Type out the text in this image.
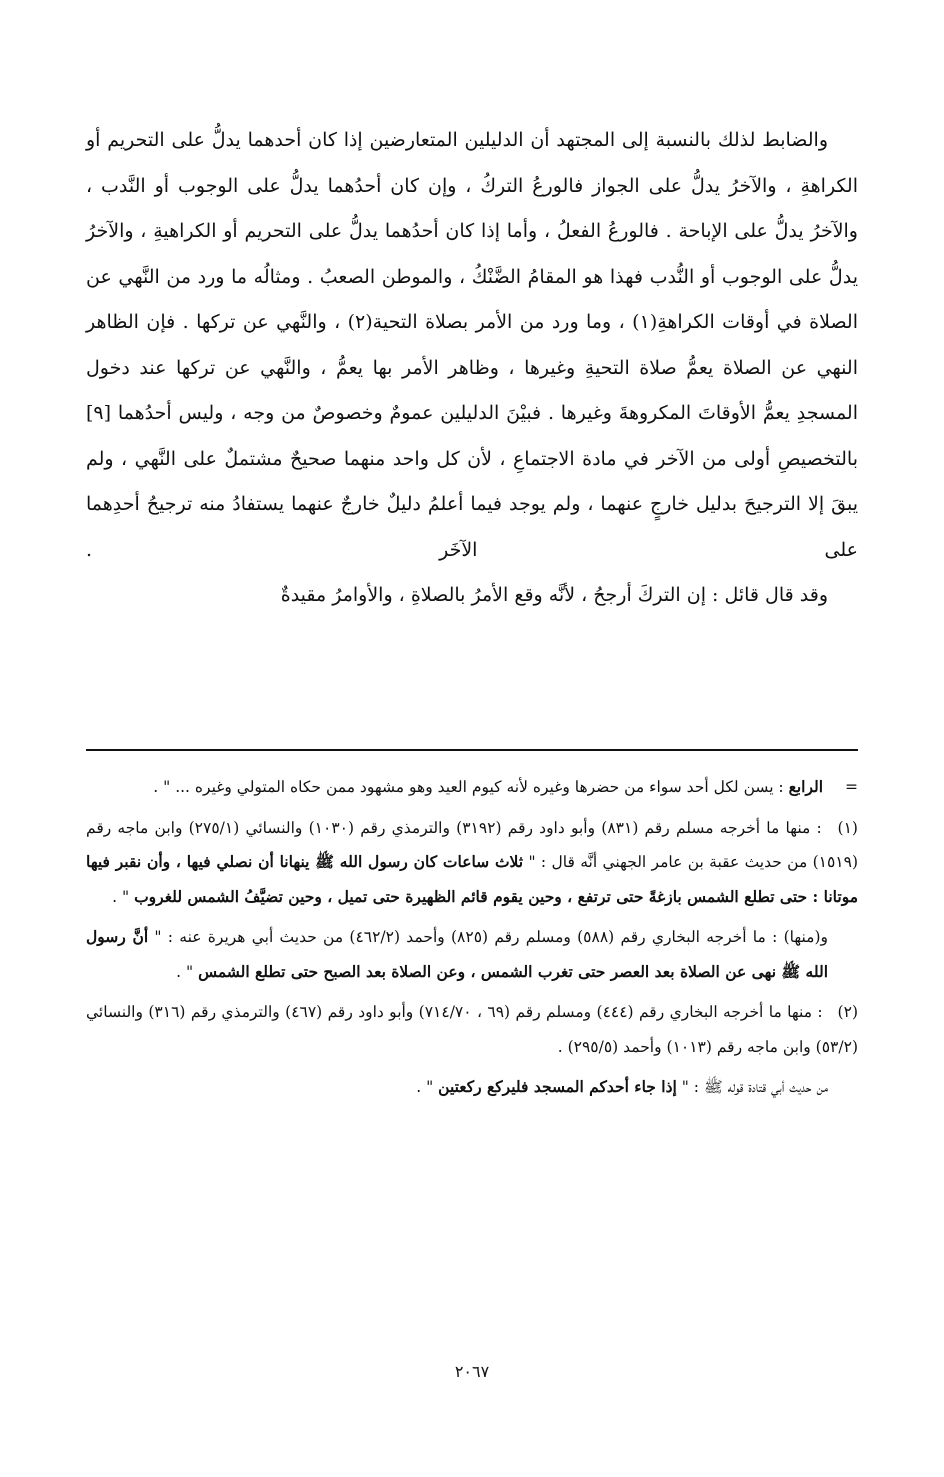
والضابط لذلك بالنسبة إلى المجتهد أن الدليلين المتعارضين إذا كان أحدهما يدلُّ على التحريم أو الكراهةِ ، والآخرُ يدلُّ على الجواز فالورعُ التركُ ، وإن كان أحدُهما يدلُّ على الوجوب أو النَّدب ، والآخرُ يدلُّ على الإباحة . فالورعُ الفعلُ ، وأما إذا كان أحدُهما يدلُّ على التحريم أو الكراهيةِ ، والآخرُ يدلُّ على الوجوب أو النُّدب فهذا هو المقامُ الضَّنْكُ ، والموطن الصعبُ . ومثالُه ما ورد من النَّهي عن الصلاة في أوقات الكراهةِ(١) ، وما ورد من الأمر بصلاة التحية(٢) ، والنَّهي عن تركها . فإن الظاهر النهي عن الصلاة يعمُّ صلاة التحيةِ وغيرها ، وظاهر الأمر بها يعمُّ ، والنَّهي عن تركها عند دخول المسجدِ يعمُّ الأوقاتَ المكروهةَ وغيرها . فبيْنَ الدليلين عمومٌ وخصوصٌ من وجه ، وليس أحدُهما [٩] بالتخصيصِ أولى من الآخر في مادة الاجتماعِ ، لأن كل واحد منهما صحيحٌ مشتملٌ على النَّهي ، ولم يبقَ إلا الترجيحَ بدليل خارجٍ عنهما ، ولم يوجد فيما أعلمُ دليلٌ خارجٌ عنهما يستفادُ منه ترجيحُ أحدِهما على الآخَر .

وقد قال قائل : إن التركَ أرجحُ ، لأنَّه وقع الأمرُ بالصلاةِ ، والأوامرُ مقيدةٌ

= الرابع : يسن لكل أحد سواء من حضرها وغيره لأنه كيوم العيد وهو مشهود ممن حكاه المتولي وغيره ... " .

(١) : منها ما أخرجه مسلم رقم (٨٣١) وأبو داود رقم (٣١٩٢) والترمذي رقم (١٠٣٠) والنسائي (٢٧٥/١) وابن ماجه رقم (١٥١٩) من حديث عقبة بن عامر الجهني أنَّه قال : " ثلاث ساعات كان رسول الله ﷺ ينهانا أن نصلي فيها ، وأن نقبر فيها موتانا : حتى تطلع الشمس بازغةً حتى ترتفع ، وحين يقوم قائم الظهيرة حتى تميل ، وحين تضيَّفُ الشمس للغروب " .

و(منها) : ما أخرجه البخاري رقم (٥٨٨) ومسلم رقم (٨٢٥) وأحمد (٤٦٢/٢) من حديث أبي هريرة عنه : " أنَّ رسول الله ﷺ نهى عن الصلاة بعد العصر حتى تغرب الشمس ، وعن الصلاة بعد الصبح حتى تطلع الشمس " .

(٢) : منها ما أخرجه البخاري رقم (٤٤٤) ومسلم رقم (٦٩ ، ٧١٤/٧٠) وأبو داود رقم (٤٦٧) والترمذي رقم (٣١٦) والنسائي (٥٣/٢) وابن ماجه رقم (١٠١٣) وأحمد (٢٩٥/٥) .

من حديث أبي قتادة قوله ﷺ : " إذا جاء أحدكم المسجد فليركع ركعتين " .

٢٠٦٧
